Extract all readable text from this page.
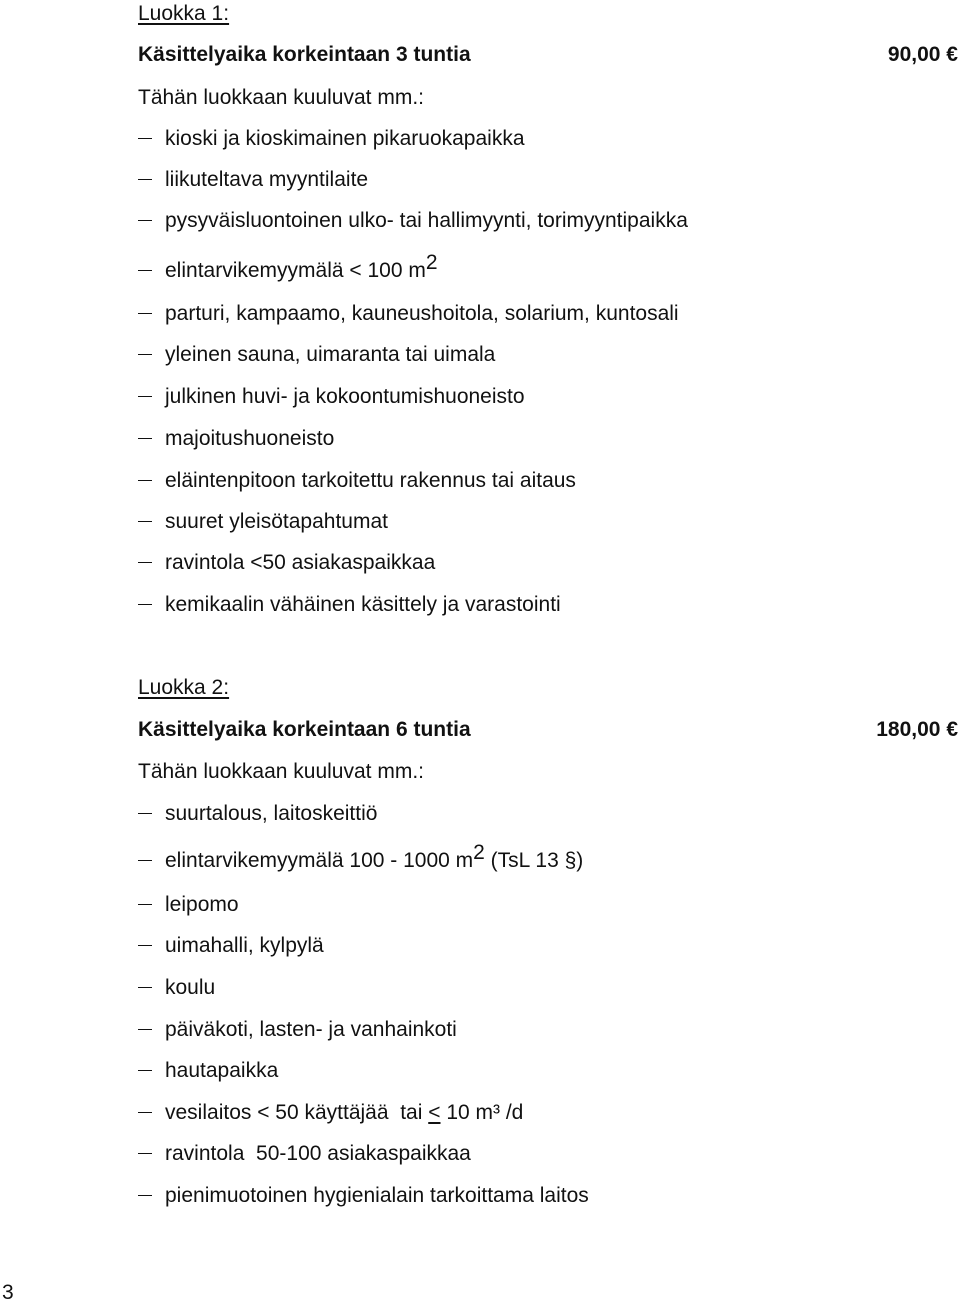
Luokka 1:
Käsittelyaika korkeintaan 3 tuntia	90,00 €
Tähän luokkaan kuuluvat mm.:
kioski ja kioskimainen pikaruokapaikka
liikuteltava myyntilaite
pysyväisluontoinen ulko- tai hallimyynti, torimyyntipaikka
elintarvikemyymälä < 100 $m^2$
parturi, kampaamo, kauneushoitola, solarium, kuntosali
yleinen sauna, uimaranta tai uimala
julkinen huvi- ja kokoontumishuoneisto
majoitushuoneisto
eläintenpitoon tarkoitettu rakennus tai aitaus
suuret yleisötapahtumat
ravintola <50 asiakaspaikkaa
kemikaalin vähäinen käsittely ja varastointi
Luokka 2:
Käsittelyaika korkeintaan 6 tuntia	180,00 €
Tähän luokkaan kuuluvat mm.:
suurtalous, laitoskeittiö
elintarvikemyymälä 100 - 1000 $m^2$ (TsL 13 §)
leipomo
uimahalli, kylpylä
koulu
päiväkoti, lasten- ja vanhainkoti
hautapaikka
vesilaitos < 50 käyttäjää  tai ≤ 10 m³ /d
ravintola  50-100 asiakaspaikkaa
pienimuotoinen hygienialain tarkoittama laitos
3
